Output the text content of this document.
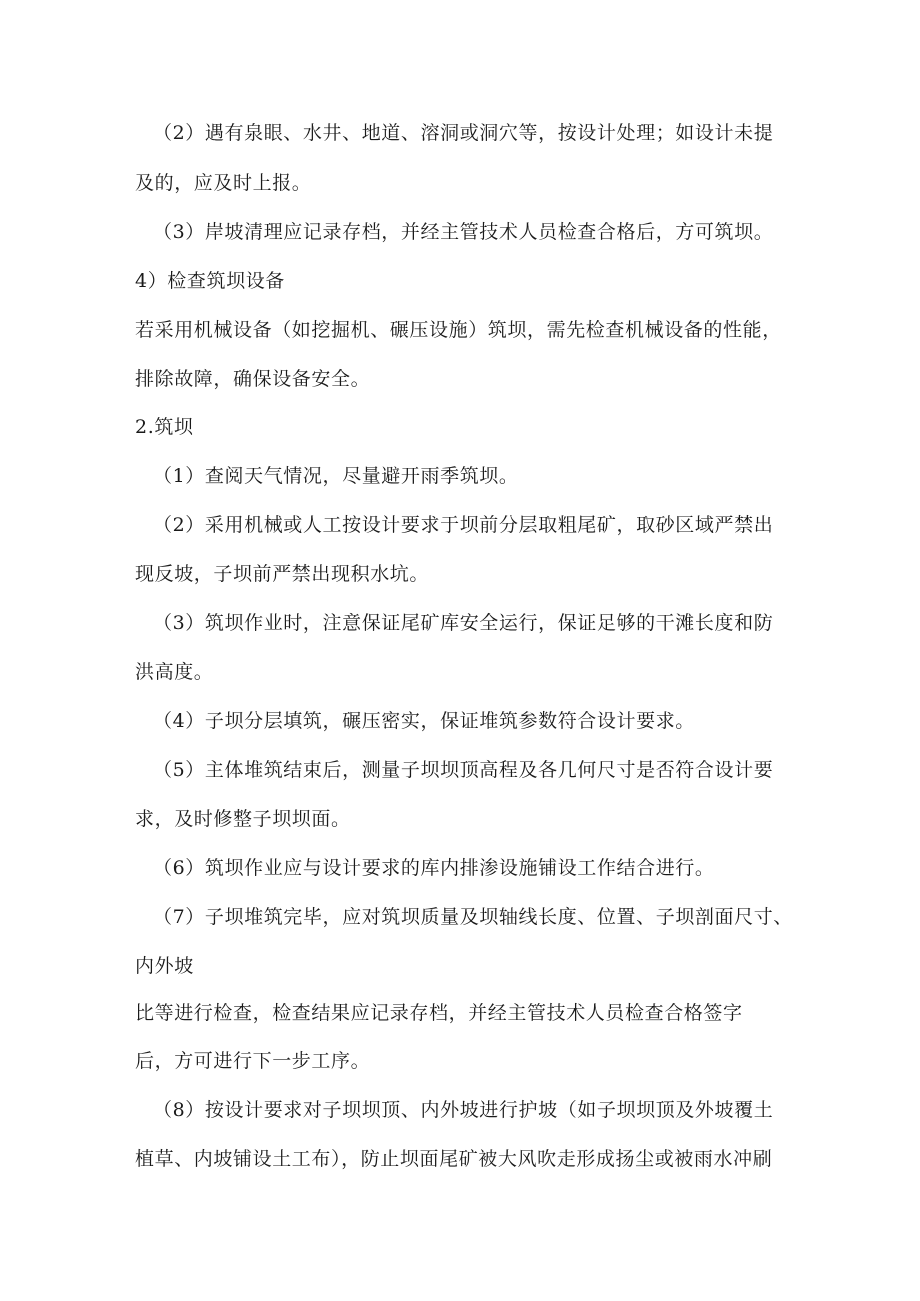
（2）遇有泉眼、水井、地道、溶洞或洞穴等，按设计处理；如设计未提
及的，应及时上报。
（3）岸坡清理应记录存档，并经主管技术人员检查合格后，方可筑坝。
4）检查筑坝设备
若采用机械设备（如挖掘机、碾压设施）筑坝，需先检查机械设备的性能，
排除故障，确保设备安全。
2.筑坝
（1）查阅天气情况，尽量避开雨季筑坝。
（2）采用机械或人工按设计要求于坝前分层取粗尾矿，取砂区域严禁出
现反坡，子坝前严禁出现积水坑。
（3）筑坝作业时，注意保证尾矿库安全运行，保证足够的干滩长度和防
洪高度。
（4）子坝分层填筑，碾压密实，保证堆筑参数符合设计要求。
（5）主体堆筑结束后，测量子坝坝顶高程及各几何尺寸是否符合设计要
求，及时修整子坝坝面。
（6）筑坝作业应与设计要求的库内排渗设施铺设工作结合进行。
（7）子坝堆筑完毕，应对筑坝质量及坝轴线长度、位置、子坝剖面尺寸、
内外坡
比等进行检查，检查结果应记录存档，并经主管技术人员检查合格签字
后，方可进行下一步工序。
（8）按设计要求对子坝坝顶、内外坡进行护坡（如子坝坝顶及外坡覆土
植草、内坡铺设土工布），防止坝面尾矿被大风吹走形成扬尘或被雨水冲刷
